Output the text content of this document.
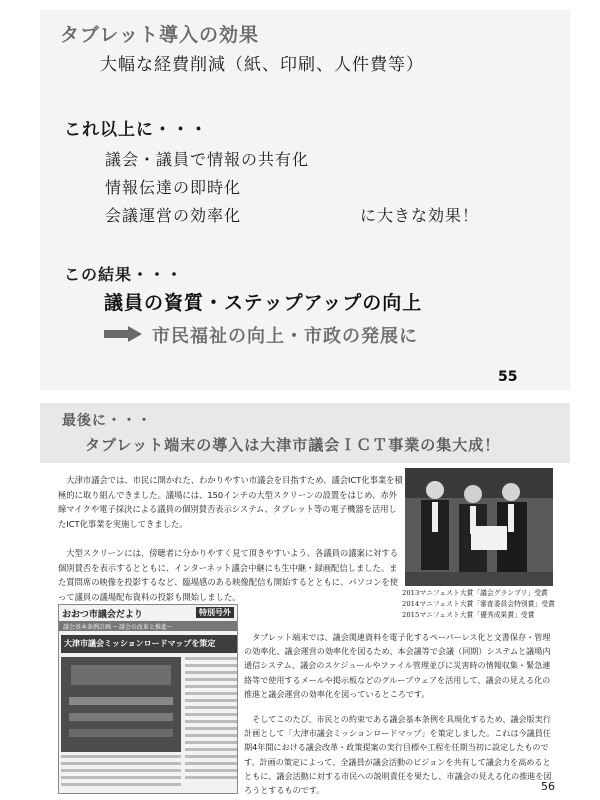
タブレット導入の効果
大幅な経費削減（紙、印刷、人件費等）
これ以上に・・・
議会・議員で情報の共有化
情報伝達の即時化
会議運営の効率化	に大きな効果！
この結果・・・
議員の資質・ステップアップの向上
市民福祉の向上・市政の発展に
55
最後に・・・
タブレット端末の導入は大津市議会ＩＣＴ事業の集大成！

大津市議会では、市民に開かれた、わかりやすい市議会を目指すため、議会ICT化事業を積極的に取り組んできました。議場には、150インチの大型スクリーンの設置をはじめ、赤外線マイクや電子採決による議員の個別賛否表示システム、タブレット等の電子機器を活用したICT化事業を実施してきました。

大型スクリーンには、傍聴者に分かりやすく見て頂きやすいよう、各議員の議案に対する個別賛否を表示するとともに、インターネット議会中継にも生中継・録画配信しました。また質問席の映像を投影するなど、臨場感のある映像配信も開始するとともに、パソコンを使って議員の議場配布資料の投影も開始しました。	2013マニフェスト大賞「議会グランプリ」受賞
2014マニフェスト大賞「審査委員会特別賞」受賞
2015マニフェスト大賞「優秀成果賞」受賞
おおつ市議会だより	特別号外
議会基本条例計画 〜議会の改革と推進〜
大津市議会ミッションロードマップを策定

タブレット端末では、議会関連資料を電子化するペーパーレス化と文書保存・管理の効率化、議会運営の効率化を図るため、本会議等で会議（同期）システムと議場内通信システム、議会のスケジュールやファイル管理並びに災害時の情報収集・緊急連絡等で使用するメールや掲示板などのグループウェアを活用して、議会の見える化の推進と議会運営の効率化を図っているところです。

そしてこのたび、市民との約束である議会基本条例を具現化するため、議会版実行計画として「大津市議会ミッションロードマップ」を策定しました。これは今議員任期4年間における議会改革・政策提案の実行目標や工程を任期当初に設定したものです。計画の策定によって、全議員が議会活動のビジョンを共有して議会力を高めるとともに、議会活動に対する市民への説明責任を果たし、市議会の見える化の推進を図ろうとするものです。	56
